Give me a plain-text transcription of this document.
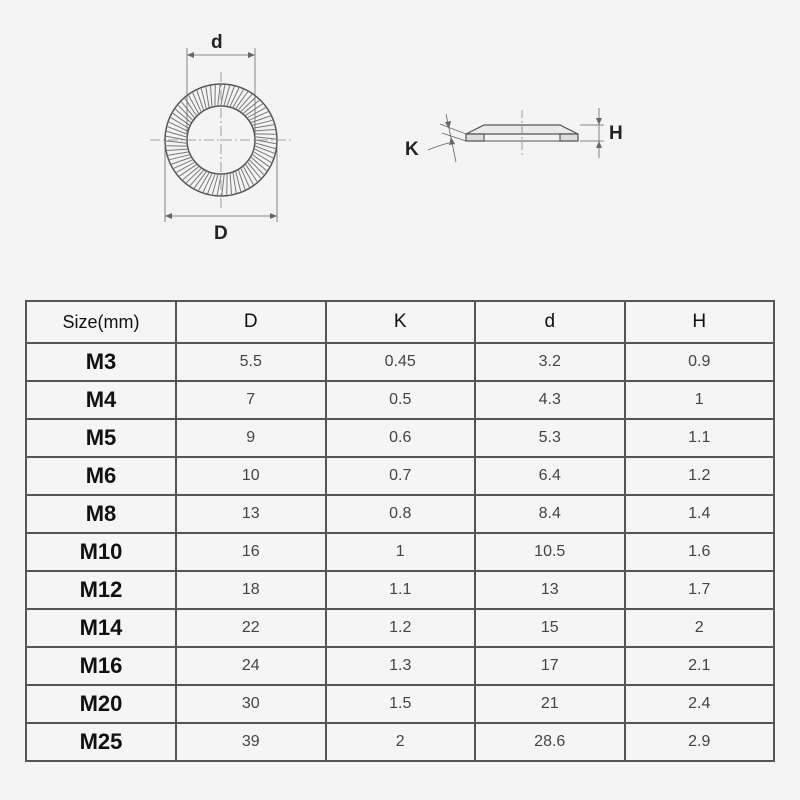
d
D
K
H
Size(mm)	D	K	d	H
M3	5.5	0.45	3.2	0.9
M4	7	0.5	4.3	1
M5	9	0.6	5.3	1.1
M6	10	0.7	6.4	1.2
M8	13	0.8	8.4	1.4
M10	16	1	10.5	1.6
M12	18	1.1	13	1.7
M14	22	1.2	15	2
M16	24	1.3	17	2.1
M20	30	1.5	21	2.4
M25	39	2	28.6	2.9
